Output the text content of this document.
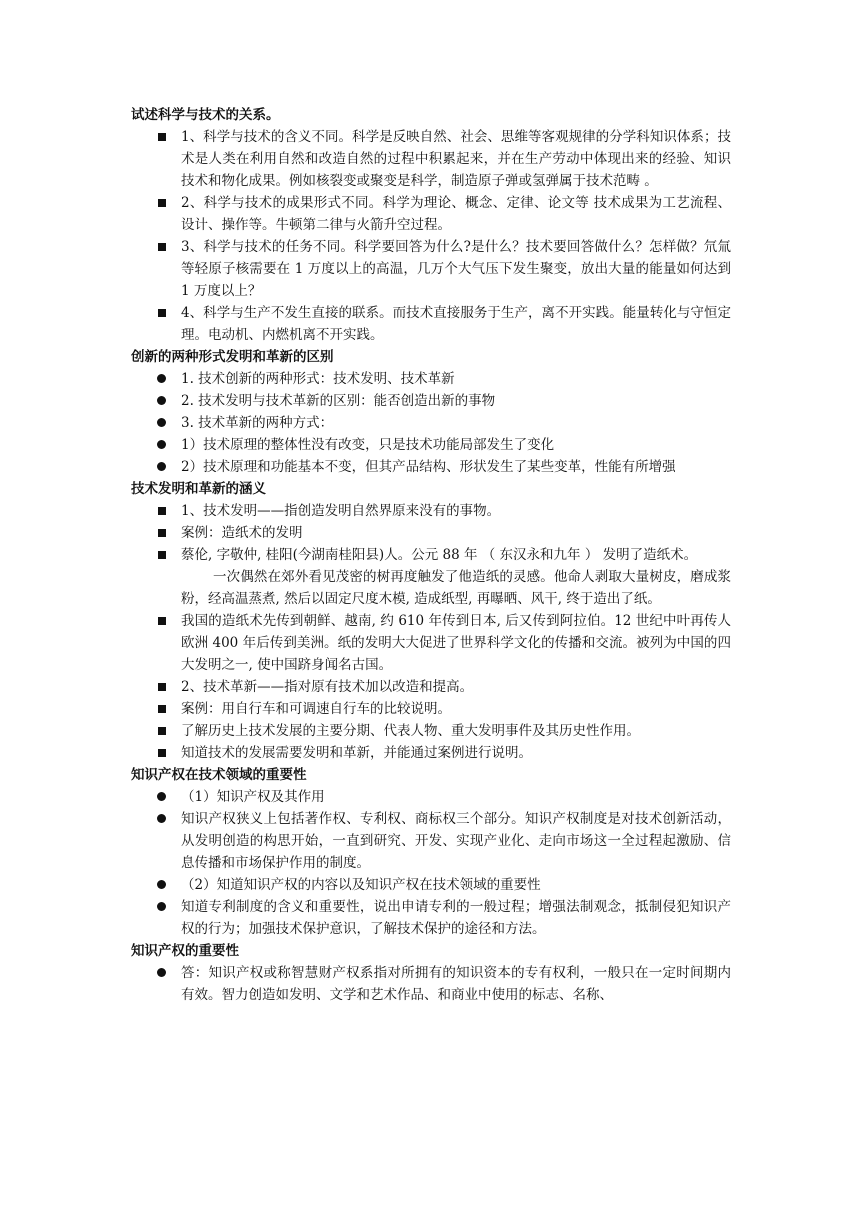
试述科学与技术的关系。
1、科学与技术的含义不同。科学是反映自然、社会、思维等客观规律的分学科知识体系；技术是人类在利用自然和改造自然的过程中积累起来，并在生产劳动中体现出来的经验、知识技术和物化成果。例如核裂变或聚变是科学，制造原子弹或氢弹属于技术范畴 。
2、科学与技术的成果形式不同。科学为理论、概念、定律、论文等 技术成果为工艺流程、设计、操作等。牛顿第二律与火箭升空过程。
3、科学与技术的任务不同。科学要回答为什么?是什么？技术要回答做什么？怎样做？氘氚等轻原子核需要在 1 万度以上的高温，几万个大气压下发生聚变，放出大量的能量如何达到 1 万度以上？
4、科学与生产不发生直接的联系。而技术直接服务于生产，离不开实践。能量转化与守恒定理。电动机、内燃机离不开实践。
创新的两种形式发明和革新的区别
1. 技术创新的两种形式：技术发明、技术革新
2. 技术发明与技术革新的区别：能否创造出新的事物
3. 技术革新的两种方式：
1）技术原理的整体性没有改变，只是技术功能局部发生了变化
2）技术原理和功能基本不变，但其产品结构、形状发生了某些变革，性能有所增强
技术发明和革新的涵义
1、技术发明——指创造发明自然界原来没有的事物。
案例：造纸术的发明
蔡伦, 字敬仲, 桂阳(今湖南桂阳县)人。公元 88 年 （ 东汉永和九年 ） 发明了造纸术。
一次偶然在郊外看见茂密的树再度触发了他造纸的灵感。他命人剥取大量树皮，磨成浆粉，经高温蒸煮, 然后以固定尺度木模, 造成纸型, 再曝晒、风干, 终于造出了纸。
我国的造纸术先传到朝鲜、越南, 约 610 年传到日本, 后又传到阿拉伯。12 世纪中叶再传人欧洲 400 年后传到美洲。纸的发明大大促进了世界科学文化的传播和交流。被列为中国的四大发明之一, 使中国跻身闻名古国。
2、技术革新——指对原有技术加以改造和提高。
案例：用自行车和可调速自行车的比较说明。
了解历史上技术发展的主要分期、代表人物、重大发明事件及其历史性作用。
知道技术的发展需要发明和革新，并能通过案例进行说明。
知识产权在技术领域的重要性
（1）知识产权及其作用
知识产权狭义上包括著作权、专利权、商标权三个部分。知识产权制度是对技术创新活动，从发明创造的构思开始，一直到研究、开发、实现产业化、走向市场这一全过程起激励、信息传播和市场保护作用的制度。
（2）知道知识产权的内容以及知识产权在技术领域的重要性
知道专利制度的含义和重要性，说出申请专利的一般过程；增强法制观念，抵制侵犯知识产权的行为；加强技术保护意识，了解技术保护的途径和方法。
知识产权的重要性
答：知识产权或称智慧财产权系指对所拥有的知识资本的专有权利，一般只在一定时间期内有效。智力创造如发明、文学和艺术作品、和商业中使用的标志、名称、
